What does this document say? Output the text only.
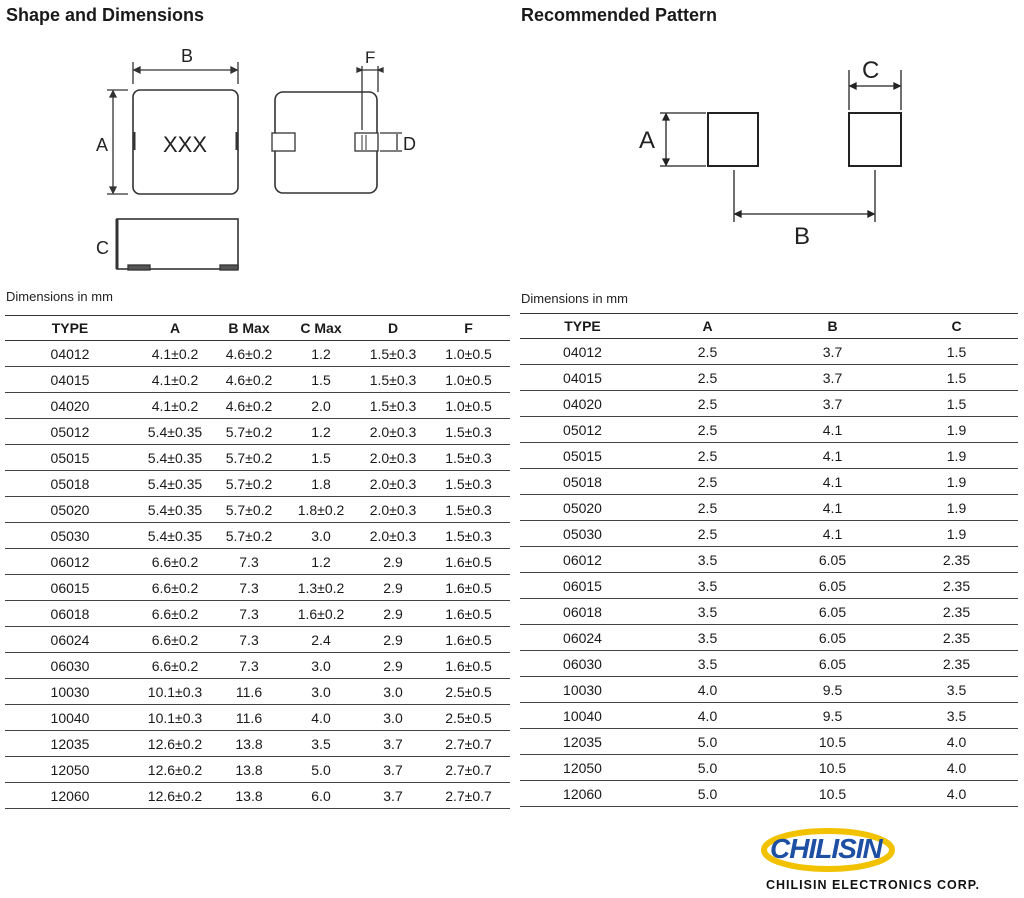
Shape and Dimensions	Recommended Pattern
B
A XXX
F
D
C
A
C
B
Dimensions in mm	Dimensions in mm
TYPE	A	B Max	C Max	D	F
04012	4.1±0.2	4.6±0.2	1.2	1.5±0.3	1.0±0.5
04015	4.1±0.2	4.6±0.2	1.5	1.5±0.3	1.0±0.5
04020	4.1±0.2	4.6±0.2	2.0	1.5±0.3	1.0±0.5
05012	5.4±0.35	5.7±0.2	1.2	2.0±0.3	1.5±0.3
05015	5.4±0.35	5.7±0.2	1.5	2.0±0.3	1.5±0.3
05018	5.4±0.35	5.7±0.2	1.8	2.0±0.3	1.5±0.3
05020	5.4±0.35	5.7±0.2	1.8±0.2	2.0±0.3	1.5±0.3
05030	5.4±0.35	5.7±0.2	3.0	2.0±0.3	1.5±0.3
06012	6.6±0.2	7.3	1.2	2.9	1.6±0.5
06015	6.6±0.2	7.3	1.3±0.2	2.9	1.6±0.5
06018	6.6±0.2	7.3	1.6±0.2	2.9	1.6±0.5
06024	6.6±0.2	7.3	2.4	2.9	1.6±0.5
06030	6.6±0.2	7.3	3.0	2.9	1.6±0.5
10030	10.1±0.3	11.6	3.0	3.0	2.5±0.5
10040	10.1±0.3	11.6	4.0	3.0	2.5±0.5
12035	12.6±0.2	13.8	3.5	3.7	2.7±0.7
12050	12.6±0.2	13.8	5.0	3.7	2.7±0.7
12060	12.6±0.2	13.8	6.0	3.7	2.7±0.7
TYPE	A	B	C
04012	2.5	3.7	1.5
04015	2.5	3.7	1.5
04020	2.5	3.7	1.5
05012	2.5	4.1	1.9
05015	2.5	4.1	1.9
05018	2.5	4.1	1.9
05020	2.5	4.1	1.9
05030	2.5	4.1	1.9
06012	3.5	6.05	2.35
06015	3.5	6.05	2.35
06018	3.5	6.05	2.35
06024	3.5	6.05	2.35
06030	3.5	6.05	2.35
10030	4.0	9.5	3.5
10040	4.0	9.5	3.5
12035	5.0	10.5	4.0
12050	5.0	10.5	4.0
12060	5.0	10.5	4.0
CHILISIN
CHILISIN ELECTRONICS CORP.
